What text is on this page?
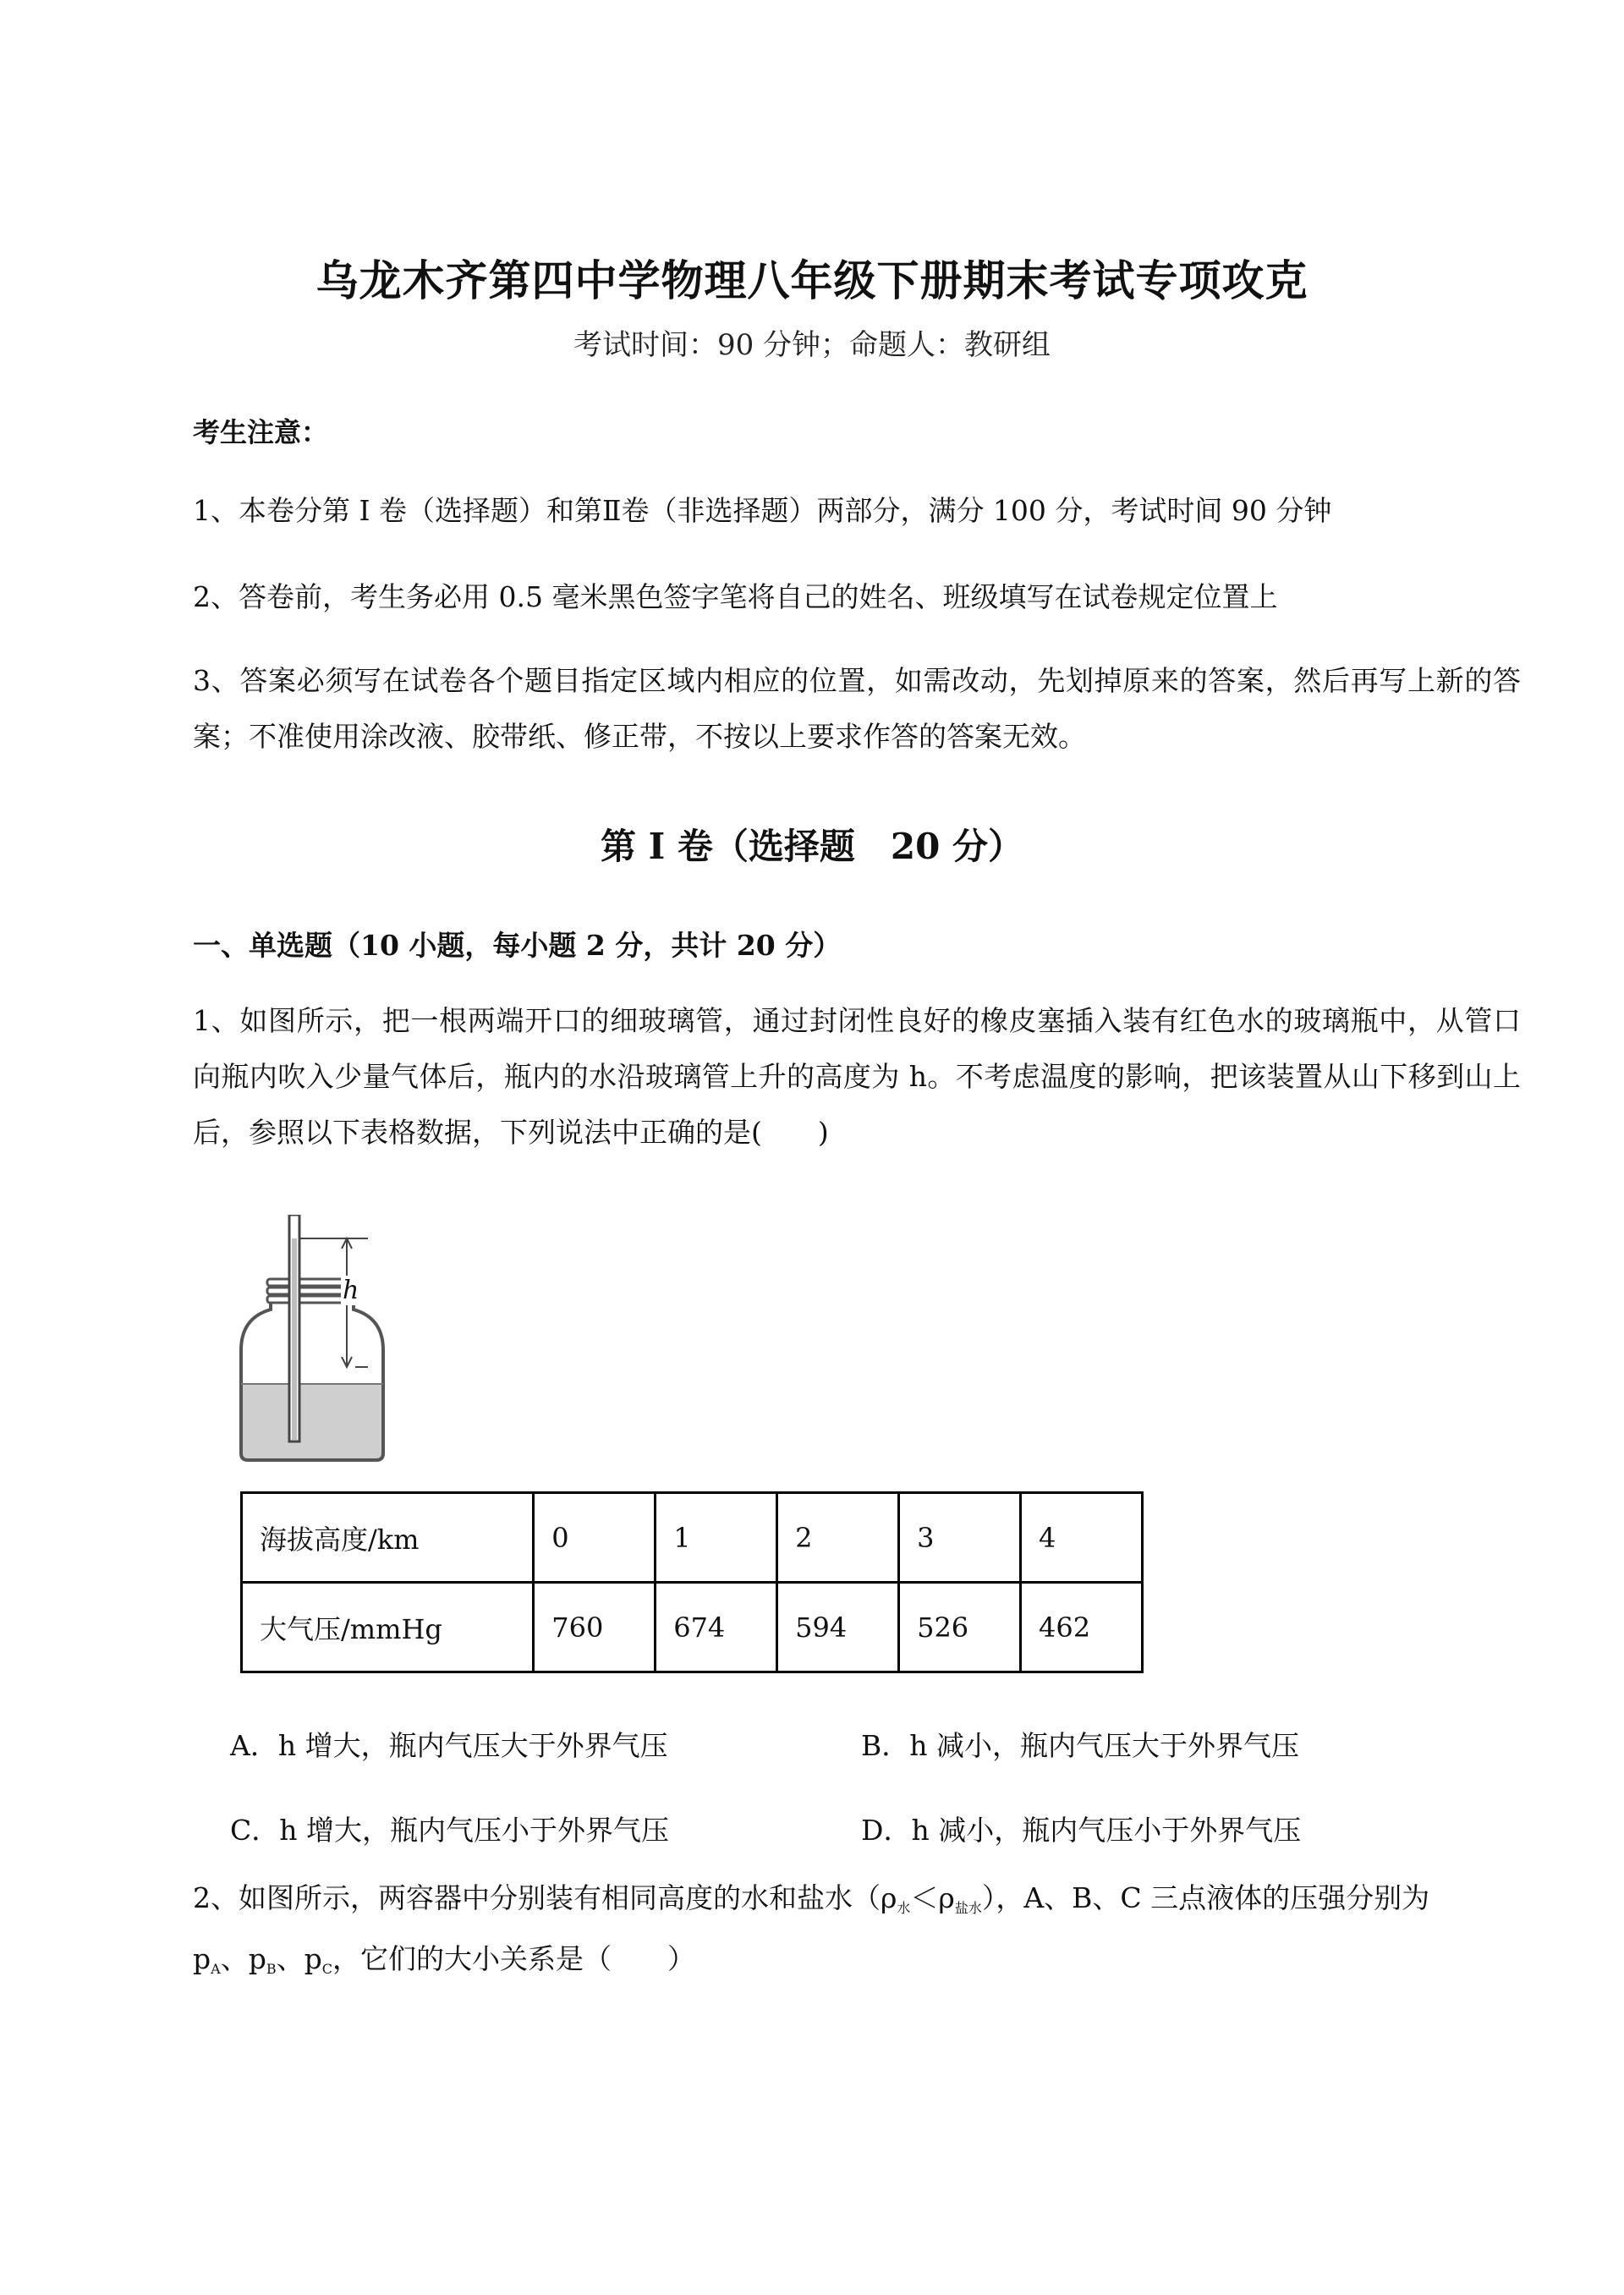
乌龙木齐第四中学物理八年级下册期末考试专项攻克
考试时间：90 分钟；命题人：教研组
考生注意：
1、本卷分第 I 卷（选择题）和第Ⅱ卷（非选择题）两部分，满分 100 分，考试时间 90 分钟
2、答卷前，考生务必用 0.5 毫米黑色签字笔将自己的姓名、班级填写在试卷规定位置上
3、答案必须写在试卷各个题目指定区域内相应的位置，如需改动，先划掉原来的答案，然后再写上新的答案；不准使用涂改液、胶带纸、修正带，不按以上要求作答的答案无效。
第 I 卷（选择题　20 分）
一、单选题（10 小题，每小题 2 分，共计 20 分）
1、如图所示，把一根两端开口的细玻璃管，通过封闭性良好的橡皮塞插入装有红色水的玻璃瓶中，从管口向瓶内吹入少量气体后，瓶内的水沿玻璃管上升的高度为 h。不考虑温度的影响，把该装置从山下移到山上后，参照以下表格数据，下列说法中正确的是(　　)
h
海拔高度/km	0	1	2	3	4
大气压/mmHg	760	674	594	526	462
A．h 增大，瓶内气压大于外界气压	B．h 减小，瓶内气压大于外界气压
C．h 增大，瓶内气压小于外界气压	D．h 减小，瓶内气压小于外界气压
2、如图所示，两容器中分别装有相同高度的水和盐水$(\rho_水<\rho_{盐水})$，A、B、C 三点液体的压强分别为
$p_A$、$p_B$、$p_C$，它们的大小关系是（　　）
